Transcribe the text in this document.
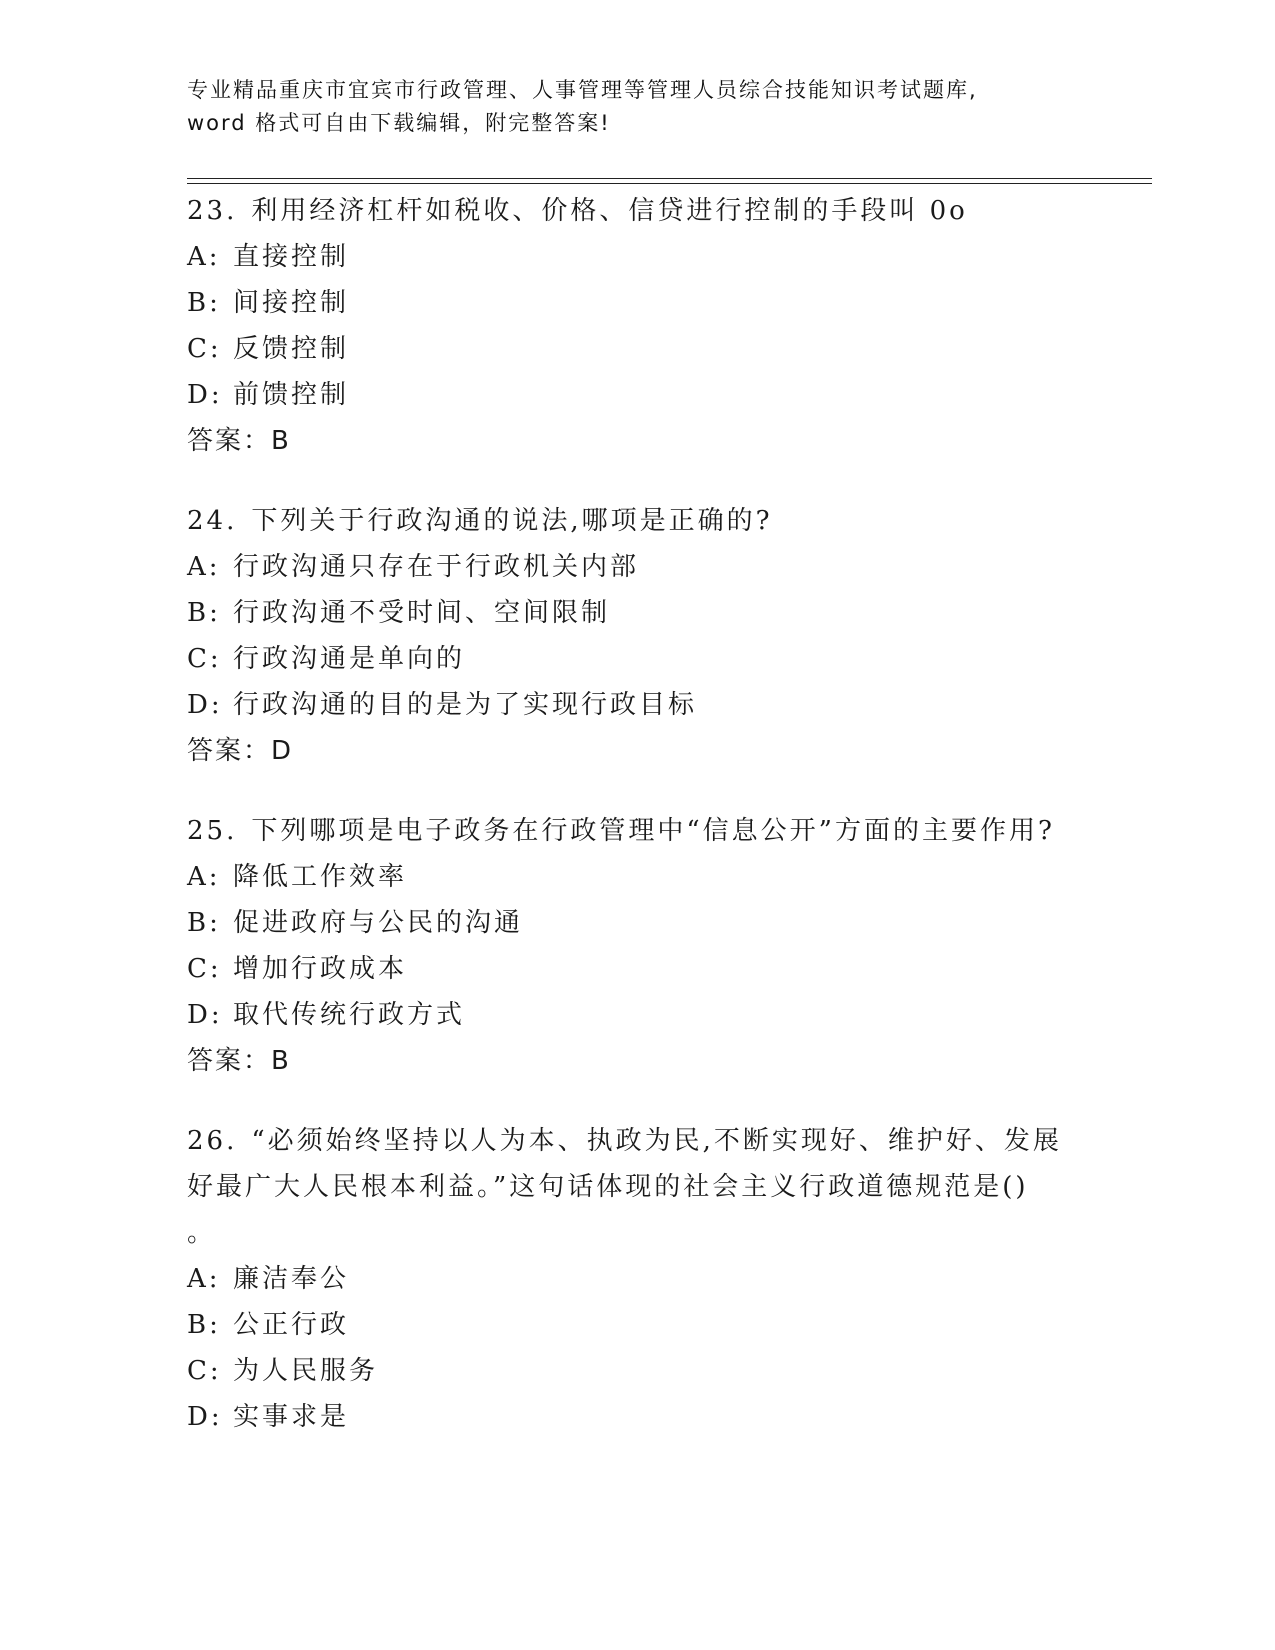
专业精品重庆市宜宾市行政管理、人事管理等管理人员综合技能知识考试题库,
word 格式可自由下载编辑，附完整答案!
23. 利用经济杠杆如税收、价格、信贷进行控制的手段叫 0o
A: 直接控制
B: 间接控制
C: 反馈控制
D: 前馈控制
答案：B
24. 下列关于行政沟通的说法,哪项是正确的?
A: 行政沟通只存在于行政机关内部
B: 行政沟通不受时间、空间限制
C: 行政沟通是单向的
D: 行政沟通的目的是为了实现行政目标
答案：D
25. 下列哪项是电子政务在行政管理中“信息公开”方面的主要作用?
A: 降低工作效率
B: 促进政府与公民的沟通
C: 增加行政成本
D: 取代传统行政方式
答案：B
26. “必须始终坚持以人为本、执政为民,不断实现好、维护好、发展
好最广大人民根本利益。”这句话体现的社会主义行政道德规范是()
。
A: 廉洁奉公
B: 公正行政
C: 为人民服务
D: 实事求是
